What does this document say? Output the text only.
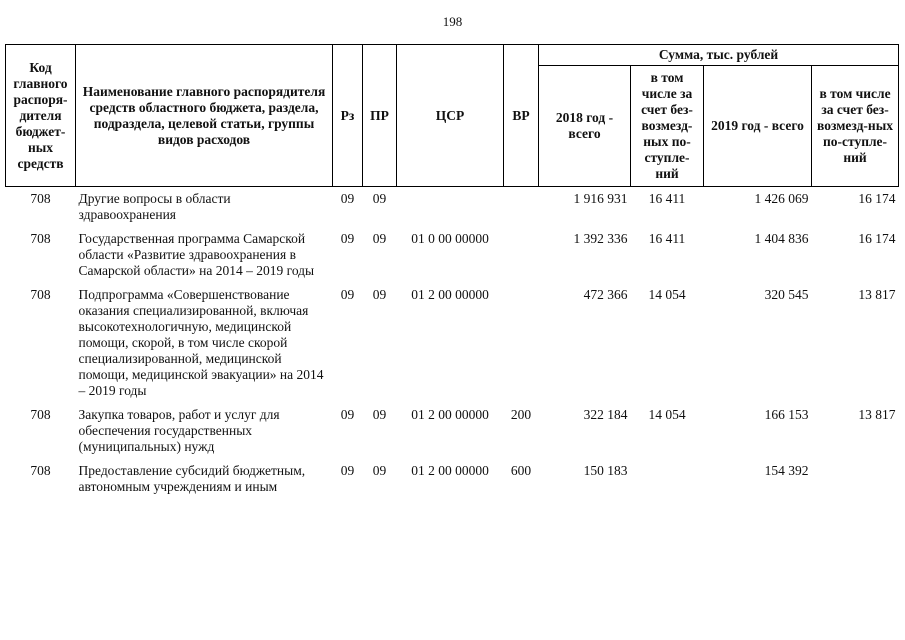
198
Код главного распоря-дителя бюджет-ных средств	Наименование главного распорядителя средств областного бюджета, раздела, подраздела, целевой статьи, группы видов расходов	Рз	ПР	ЦСР	ВР	Сумма, тыс. рублей			
						2018 год - всего	в том числе за счет без-возмезд-ных по-ступле-ний	2019 год - всего	в том числе за счет без-возмезд-ных по-ступле-ний
708	Другие вопросы в области здравоохранения	09	09			1 916 931	16 411	1 426 069	16 174
708	Государственная программа Самарской области «Развитие здравоохранения в Самарской области» на 2014 – 2019 годы	09	09	01 0 00 00000		1 392 336	16 411	1 404 836	16 174
708	Подпрограмма «Совершенствование оказания специализированной, включая высокотехнологичную, медицинской помощи, скорой, в том числе скорой специализированной, медицинской помощи, медицинской эвакуации» на 2014 – 2019 годы	09	09	01 2 00 00000		472 366	14 054	320 545	13 817
708	Закупка товаров, работ и услуг для обеспечения государственных (муниципальных) нужд	09	09	01 2 00 00000	200	322 184	14 054	166 153	13 817
708	Предоставление субсидий бюджетным, автономным учреждениям и иным	09	09	01 2 00 00000	600	150 183		154 392	
